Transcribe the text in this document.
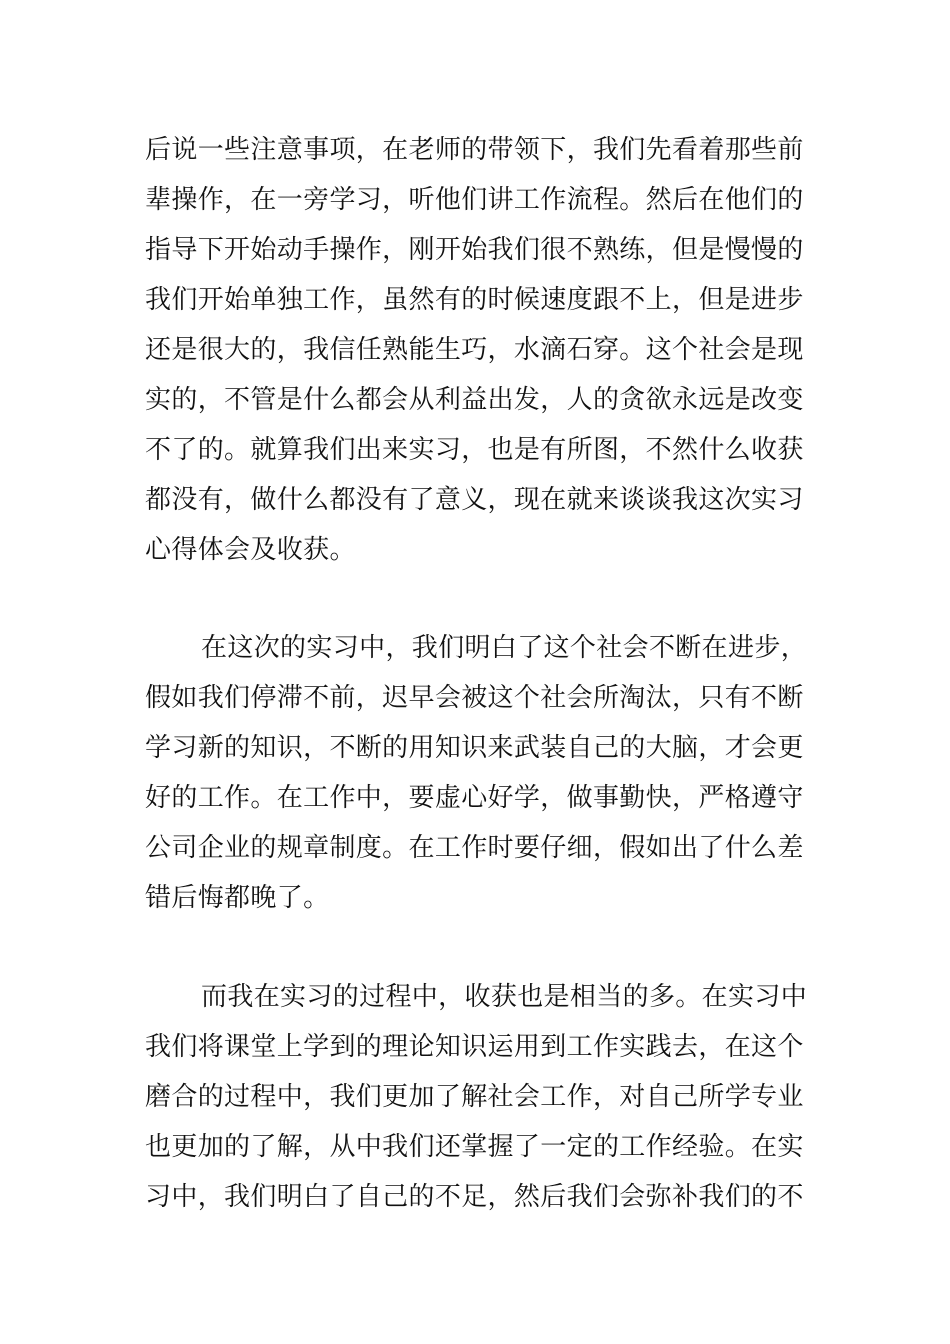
后说一些注意事项，在老师的带领下，我们先看着那些前
辈操作，在一旁学习，听他们讲工作流程。然后在他们的
指导下开始动手操作，刚开始我们很不熟练，但是慢慢的
我们开始单独工作，虽然有的时候速度跟不上，但是进步
还是很大的，我信任熟能生巧，水滴石穿。这个社会是现
实的，不管是什么都会从利益出发，人的贪欲永远是改变
不了的。就算我们出来实习，也是有所图，不然什么收获
都没有，做什么都没有了意义，现在就来谈谈我这次实习
心得体会及收获。
在这次的实习中，我们明白了这个社会不断在进步，
假如我们停滞不前，迟早会被这个社会所淘汰，只有不断
学习新的知识，不断的用知识来武装自己的大脑，才会更
好的工作。在工作中，要虚心好学，做事勤快，严格遵守
公司企业的规章制度。在工作时要仔细，假如出了什么差
错后悔都晚了。
而我在实习的过程中，收获也是相当的多。在实习中
我们将课堂上学到的理论知识运用到工作实践去，在这个
磨合的过程中，我们更加了解社会工作，对自己所学专业
也更加的了解，从中我们还掌握了一定的工作经验。在实
习中，我们明白了自己的不足，然后我们会弥补我们的不
